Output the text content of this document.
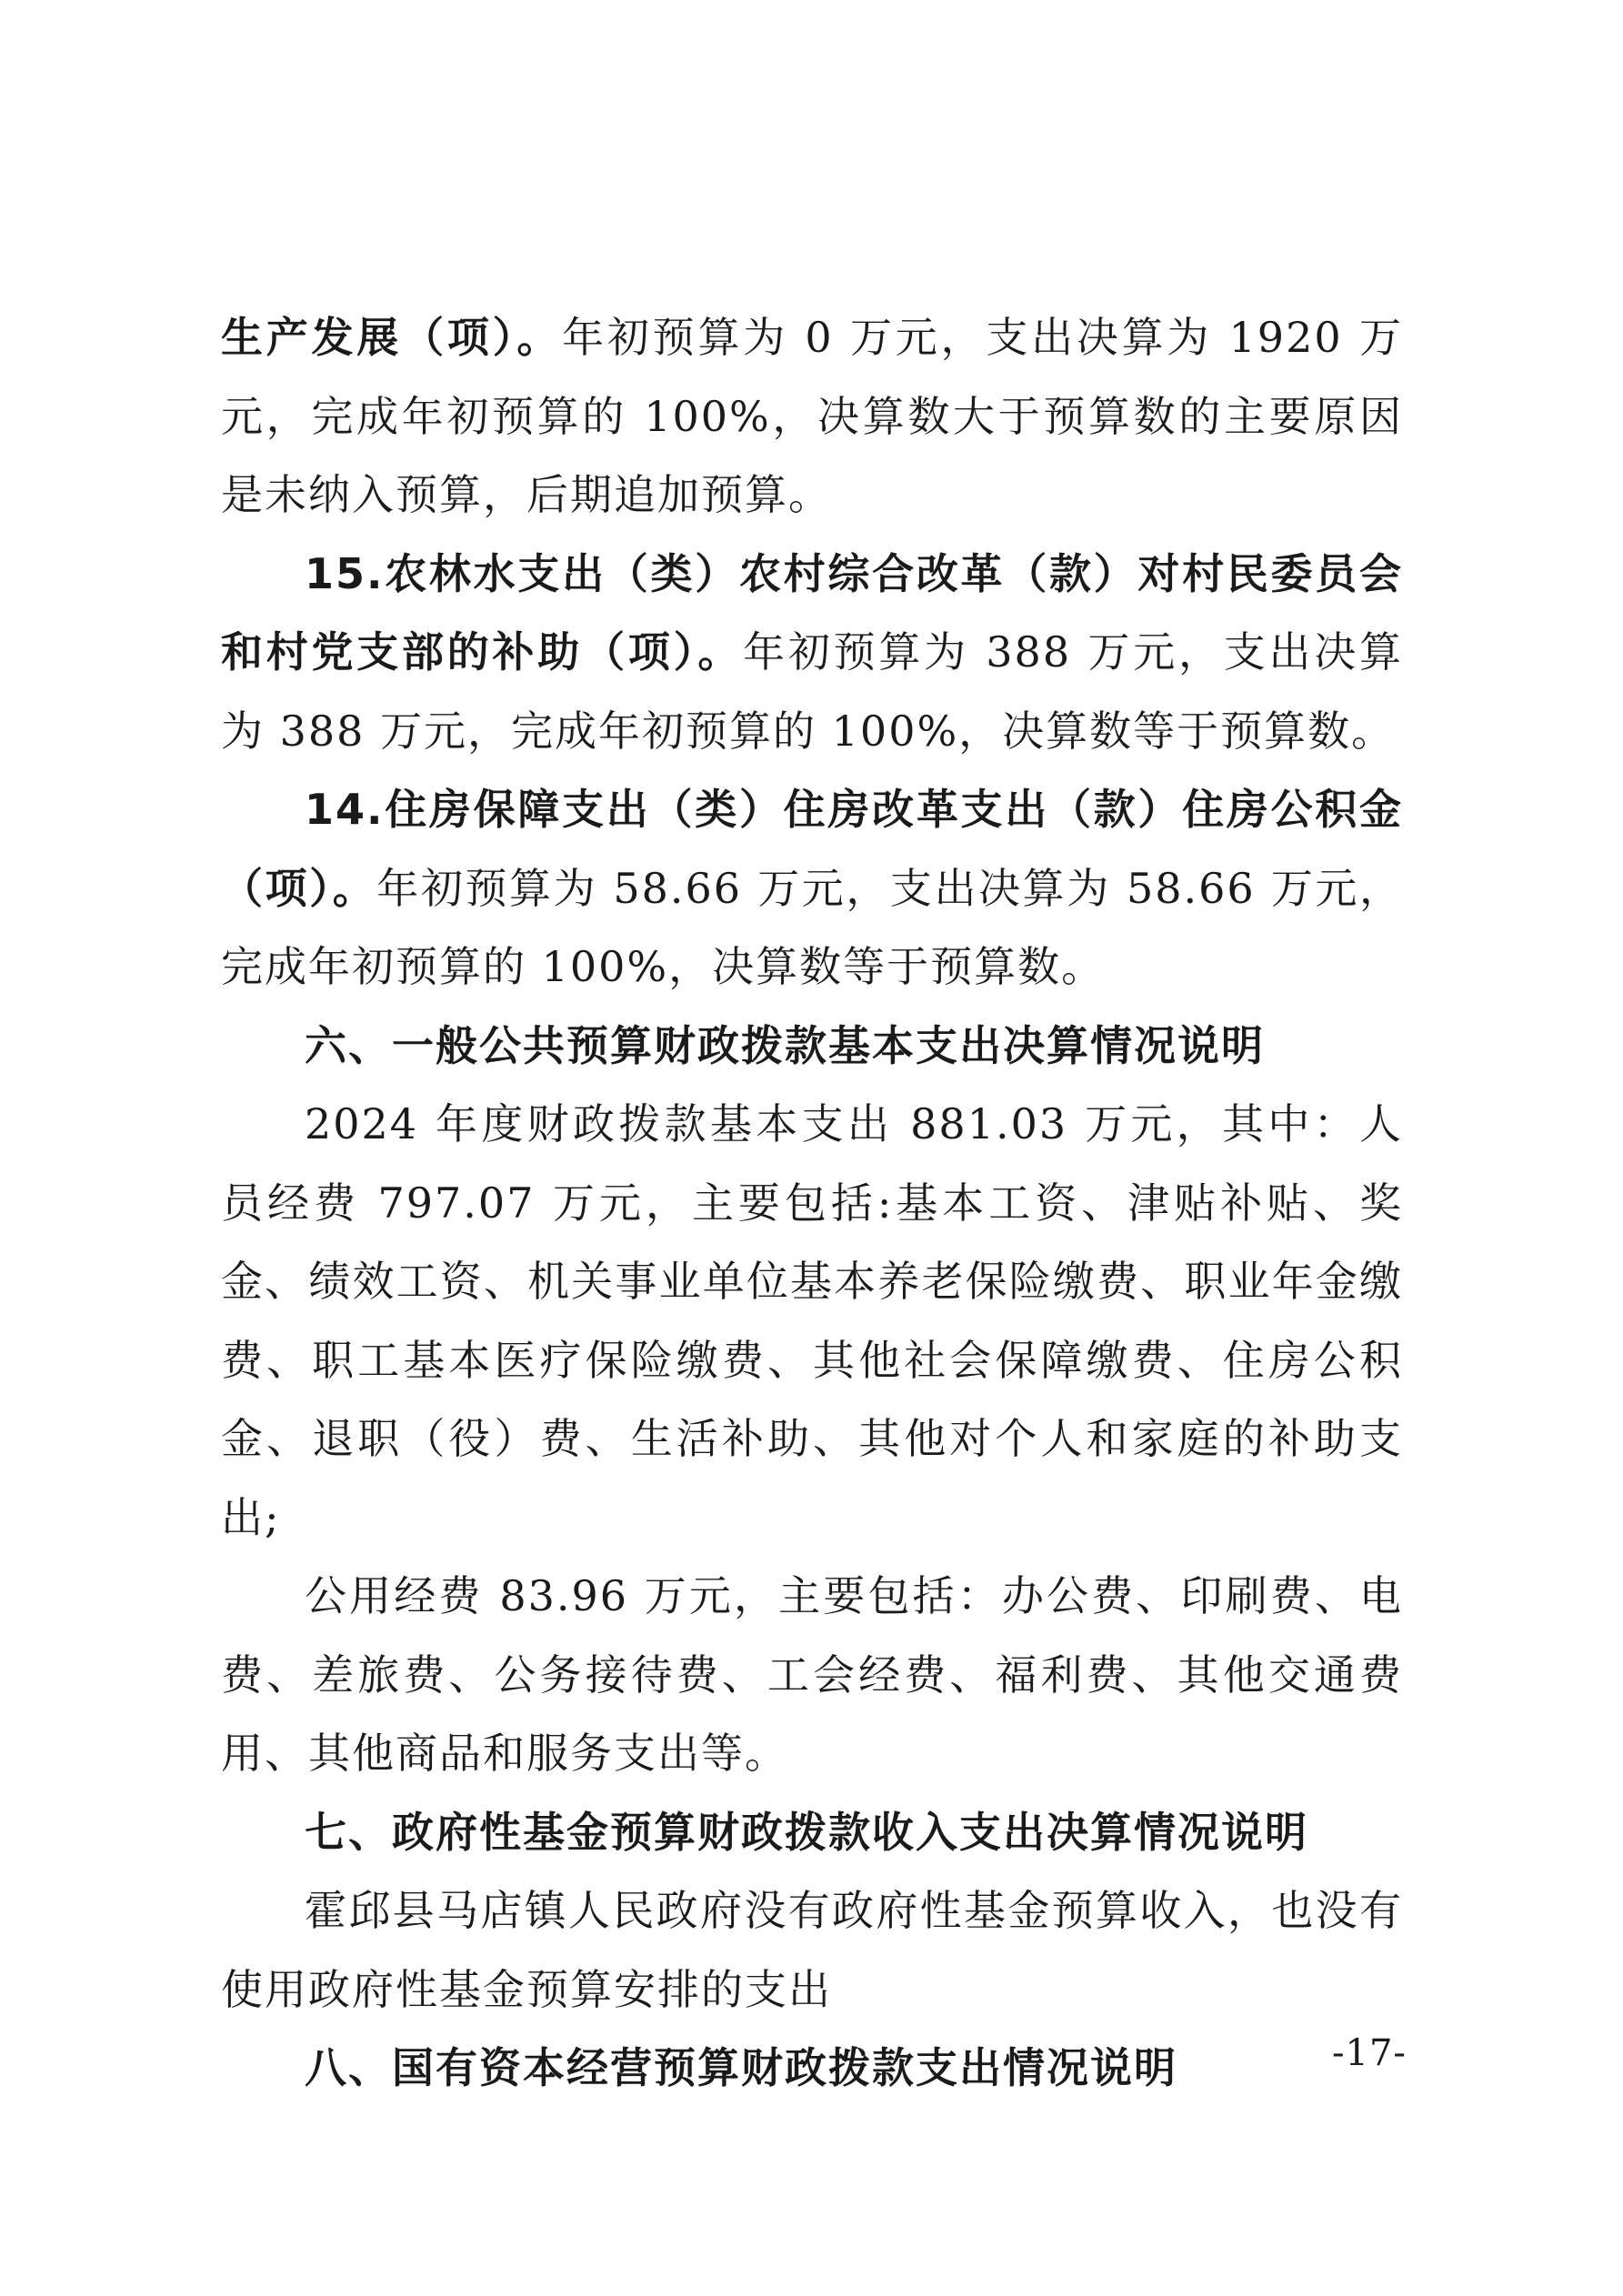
生产发展（项）。年初预算为 0 万元，支出决算为 1920 万元，完成年初预算的 100%，决算数大于预算数的主要原因是未纳入预算，后期追加预算。

15.农林水支出（类）农村综合改革（款）对村民委员会和村党支部的补助（项）。年初预算为 388 万元，支出决算为 388 万元，完成年初预算的 100%，决算数等于预算数。

14.住房保障支出（类）住房改革支出（款）住房公积金（项）。年初预算为 58.66 万元，支出决算为 58.66 万元，完成年初预算的 100%，决算数等于预算数。

六、一般公共预算财政拨款基本支出决算情况说明

2024 年度财政拨款基本支出 881.03 万元，其中：人员经费 797.07 万元，主要包括:基本工资、津贴补贴、奖金、绩效工资、机关事业单位基本养老保险缴费、职业年金缴费、职工基本医疗保险缴费、其他社会保障缴费、住房公积金、退职（役）费、生活补助、其他对个人和家庭的补助支出;

公用经费 83.96 万元，主要包括：办公费、印刷费、电费、差旅费、公务接待费、工会经费、福利费、其他交通费用、其他商品和服务支出等。

七、政府性基金预算财政拨款收入支出决算情况说明

霍邱县马店镇人民政府没有政府性基金预算收入，也没有使用政府性基金预算安排的支出

八、国有资本经营预算财政拨款支出情况说明	-17-
